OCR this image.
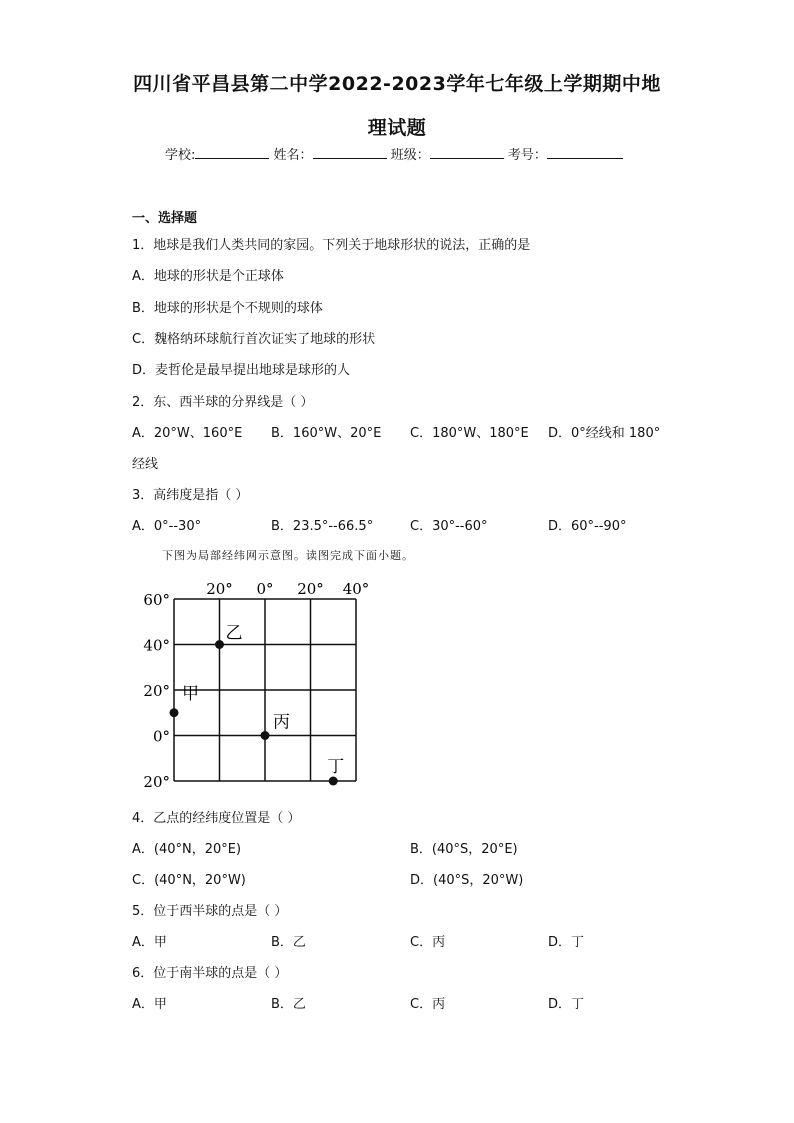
四川省平昌县第二中学2022-2023学年七年级上学期期中地
理试题
学校:	姓名：	班级：	考号：
一、选择题
1．地球是我们人类共同的家园。下列关于地球形状的说法，正确的是
A．地球的形状是个正球体
B．地球的形状是个不规则的球体
C．魏格纳环球航行首次证实了地球的形状
D．麦哲伦是最早提出地球是球形的人
2．东、西半球的分界线是（ ）
A．20°W、160°E B．160°W、20°E C．180°W、180°E D．0°经线和 180°
经线
3．高纬度是指（ ）
A．0°--30°	B．23.5°--66.5°	C．30°--60°	D．60°--90°
下图为局部经纬网示意图。读图完成下面小题。
20° 0° 20° 40°
60°
40°
20°
0°
20°
乙
甲
丙
丁
4．乙点的经纬度位置是（ ）
A．(40°N，20°E)	B．(40°S，20°E)
C．(40°N，20°W)	D．(40°S，20°W)
5．位于西半球的点是（ ）
A．甲	B．乙	C．丙	D．丁
6．位于南半球的点是（ ）
A．甲	B．乙	C．丙	D．丁
